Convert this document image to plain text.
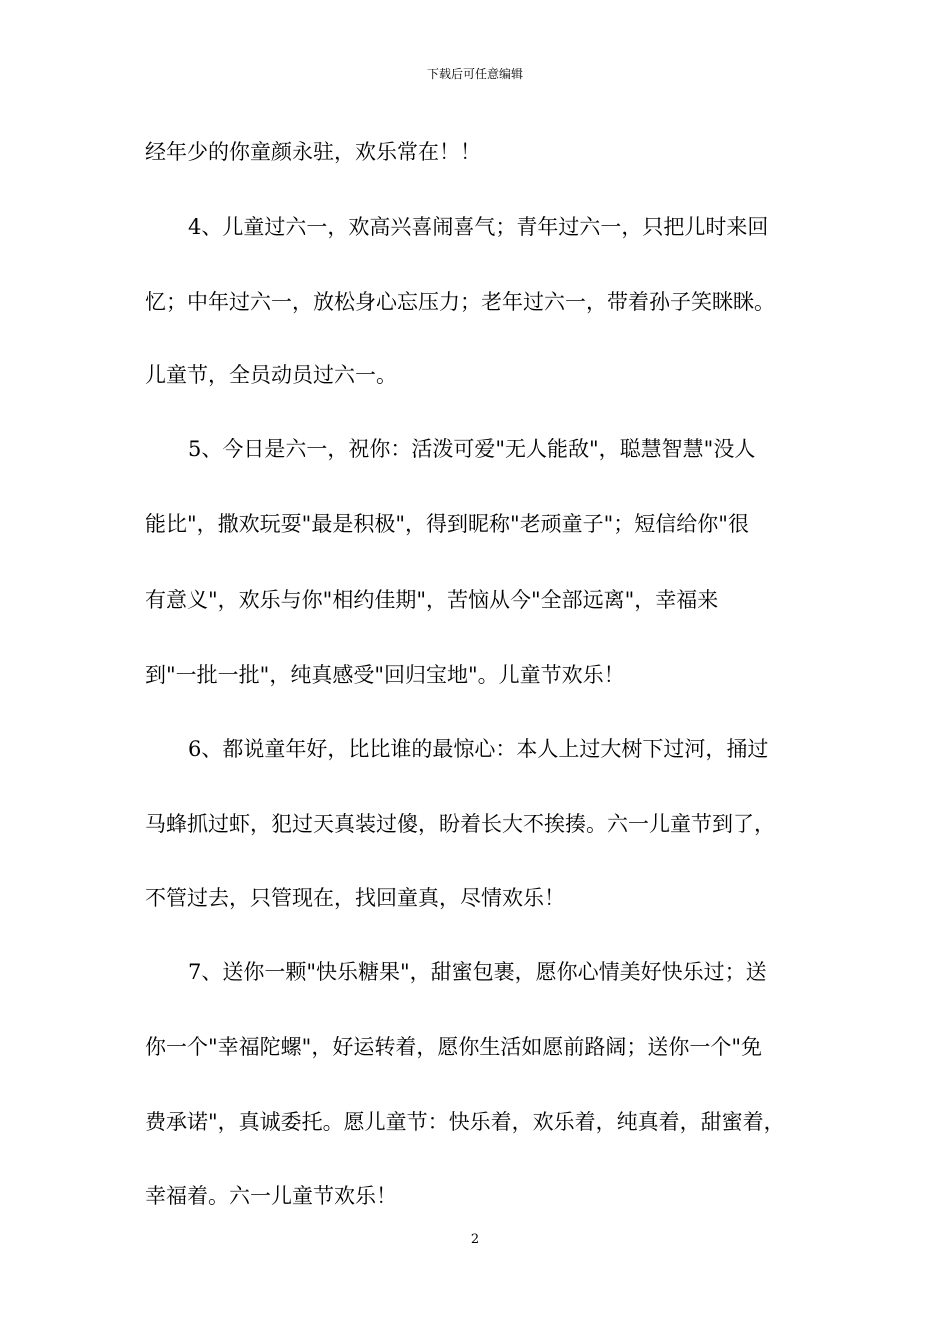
下载后可任意编辑
经年少的你童颜永驻，欢乐常在！！
4、儿童过六一，欢高兴喜闹喜气；青年过六一，只把儿时来回
忆；中年过六一，放松身心忘压力；老年过六一，带着孙子笑眯眯。
儿童节，全员动员过六一。
5、今日是六一，祝你：活泼可爱"无人能敌"，聪慧智慧"没人
能比"，撒欢玩耍"最是积极"，得到昵称"老顽童子"；短信给你"很
有意义"，欢乐与你"相约佳期"，苦恼从今"全部远离"，幸福来
到"一批一批"，纯真感受"回归宝地"。儿童节欢乐！
6、都说童年好，比比谁的最惊心：本人上过大树下过河，捅过
马蜂抓过虾，犯过天真装过傻，盼着长大不挨揍。六一儿童节到了，
不管过去，只管现在，找回童真，尽情欢乐！
7、送你一颗"快乐糖果"，甜蜜包裹，愿你心情美好快乐过；送
你一个"幸福陀螺"，好运转着，愿你生活如愿前路阔；送你一个"免
费承诺"，真诚委托。愿儿童节：快乐着，欢乐着，纯真着，甜蜜着，
幸福着。六一儿童节欢乐！
2
